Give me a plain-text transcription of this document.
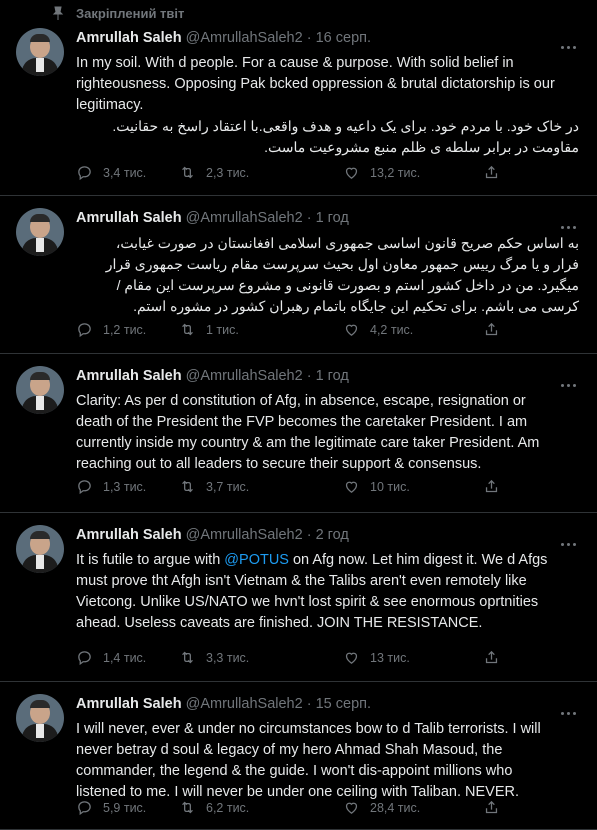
Закріплений твіт
Amrullah Saleh @AmrullahSaleh2 · 16 серп.
In my soil. With d people. For a cause & purpose. With solid belief in
righteousness. Opposing Pak bcked oppression & brutal dictatorship is our
legitimacy.
در خاک خود. با مردم خود. برای یک داعیه و هدف واقعی.با اعتقاد راسخ به حقانیت.
مقاومت در برابر سلطه ی ظلم منبع مشروعیت ماست.
3,4 тис.	2,3 тис.	13,2 тис.
Amrullah Saleh @AmrullahSaleh2 · 1 год
به اساس حکم صریح قانون اساسی جمهوری اسلامی افغانستان در صورت غیابت،
فرار و یا مرگ رییس جمهور معاون اول بحیث سرپرست مقام ریاست جمهوری قرار
میگیرد. من در داخل کشور استم و بصورت قانونی و مشروع سرپرست این مقام /
کرسی می باشم. برای تحکیم این جایگاه باتمام رهبران کشور در مشوره استم.
1,2 тис.	1 тис.	4,2 тис.
Amrullah Saleh @AmrullahSaleh2 · 1 год
Clarity: As per d constitution of Afg, in absence, escape, resignation or
death of the President the FVP becomes the caretaker President. I am
currently inside my country & am the legitimate care taker President. Am
reaching out to all leaders to secure their support & consensus.
1,3 тис.	3,7 тис.	10 тис.
Amrullah Saleh @AmrullahSaleh2 · 2 год
It is futile to argue with @POTUS on Afg now. Let him digest it. We d Afgs
must prove tht Afgh isn't Vietnam & the Talibs aren't even remotely like
Vietcong. Unlike US/NATO we hvn't lost spirit & see enormous oprtnities
ahead. Useless caveats are finished. JOIN THE RESISTANCE.
1,4 тис.	3,3 тис.	13 тис.
Amrullah Saleh @AmrullahSaleh2 · 15 серп.
I will never, ever & under no circumstances bow to d Talib terrorists. I will
never betray d soul & legacy of my hero Ahmad Shah Masoud, the
commander, the legend & the guide. I won't dis-appoint millions who
listened to me. I will never be under one ceiling with Taliban. NEVER.
5,9 тис.	6,2 тис.	28,4 тис.
